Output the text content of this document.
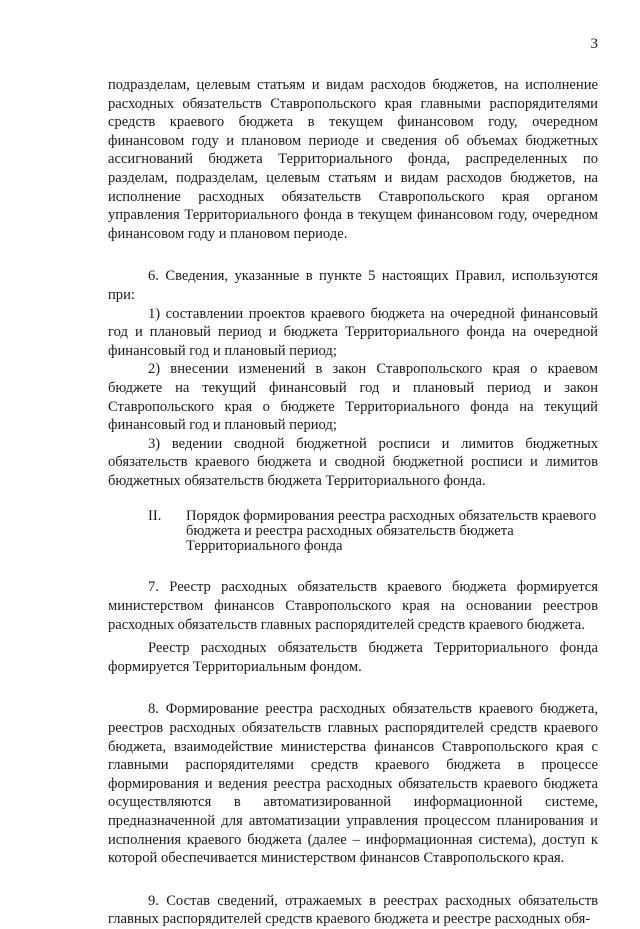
3

подразделам, целевым статьям и видам расходов бюджетов, на исполнение расходных обязательств Ставропольского края главными распорядителями средств краевого бюджета в текущем финансовом году, очередном финансовом году и плановом периоде и сведения об объемах бюджетных ассигнований бюджета Территориального фонда, распределенных по разделам, подразделам, целевым статьям и видам расходов бюджетов, на исполнение расходных обязательств Ставропольского края органом управления Территориального фонда в текущем финансовом году, очередном финансовом году и плановом периоде.

6. Сведения, указанные в пункте 5 настоящих Правил, используются при:

1) составлении проектов краевого бюджета на очередной финансовый год и плановый период и бюджета Территориального фонда на очередной финансовый год и плановый период;

2) внесении изменений в закон Ставропольского края о краевом бюджете на текущий финансовый год и плановый период и закон Ставропольского края о бюджете Территориального фонда на текущий финансовый год и плановый период;

3) ведении сводной бюджетной росписи и лимитов бюджетных обязательств краевого бюджета и сводной бюджетной росписи и лимитов бюджетных обязательств бюджета Территориального фонда.

II.	Порядок формирования реестра расходных обязательств краевого бюджета и реестра расходных обязательств бюджета Территориального фонда

7. Реестр расходных обязательств краевого бюджета формируется министерством финансов Ставропольского края на основании реестров расходных обязательств главных распорядителей средств краевого бюджета.

Реестр расходных обязательств бюджета Территориального фонда формируется Территориальным фондом.

8. Формирование реестра расходных обязательств краевого бюджета, реестров расходных обязательств главных распорядителей средств краевого бюджета, взаимодействие министерства финансов Ставропольского края с главными распорядителями средств краевого бюджета в процессе формирования и ведения реестра расходных обязательств краевого бюджета осуществляются в автоматизированной информационной системе, предназначенной для автоматизации управления процессом планирования и исполнения краевого бюджета (далее – информационная система), доступ к которой обеспечивается министерством финансов Ставропольского края.

9. Состав сведений, отражаемых в реестрах расходных обязательств главных распорядителей средств краевого бюджета и реестре расходных обя-
